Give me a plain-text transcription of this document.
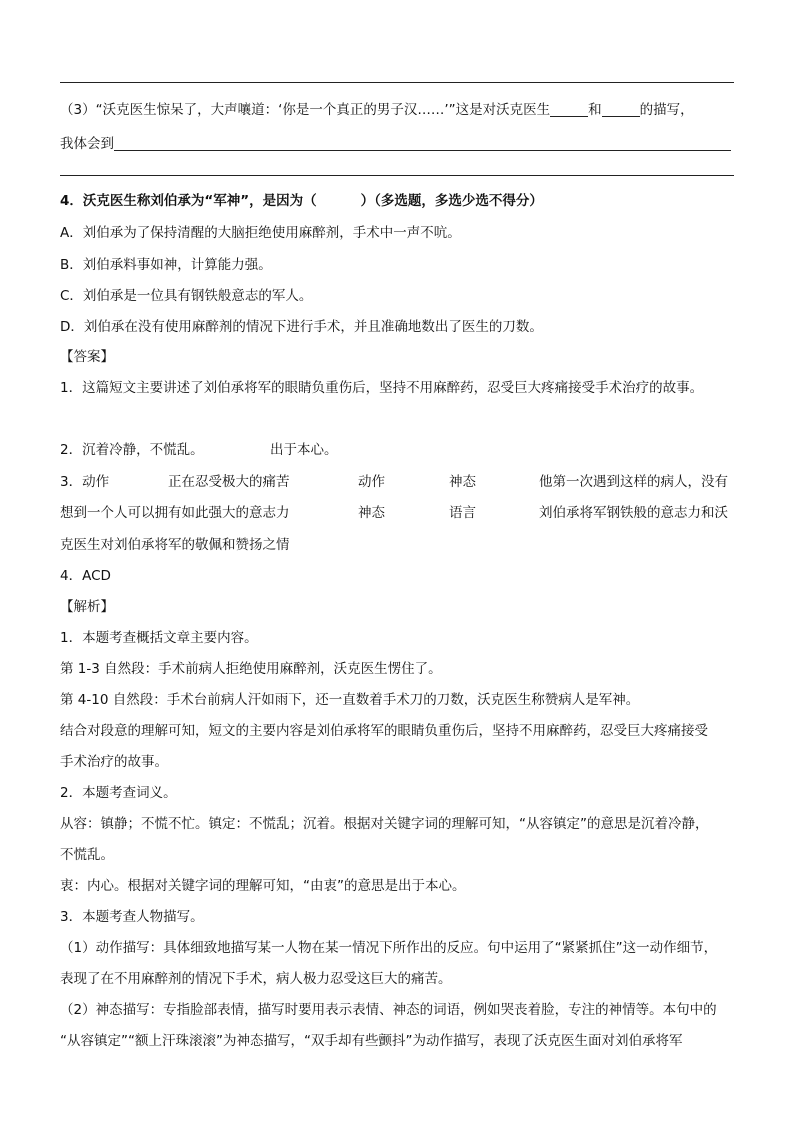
（3）“沃克医生惊呆了，大声嚷道：‘你是一个真正的男子汉……’”这是对沃克医生	和	的描写，
我体会到
4．沃克医生称刘伯承为“军神”，是因为（	）（多选题，多选少选不得分）
A．刘伯承为了保持清醒的大脑拒绝使用麻醉剂，手术中一声不吭。
B．刘伯承料事如神，计算能力强。
C．刘伯承是一位具有钢铁般意志的军人。
D．刘伯承在没有使用麻醉剂的情况下进行手术，并且准确地数出了医生的刀数。
【答案】
1．这篇短文主要讲述了刘伯承将军的眼睛负重伤后，坚持不用麻醉药，忍受巨大疼痛接受手术治疗的故事。
2．沉着冷静，不慌乱。	出于本心。
3．动作	正在忍受极大的痛苦	动作	神态	他第一次遇到这样的病人，没有
想到一个人可以拥有如此强大的意志力	神态	语言	刘伯承将军钢铁般的意志力和沃
克医生对刘伯承将军的敬佩和赞扬之情
4．ACD
【解析】
1．本题考查概括文章主要内容。
第 1-3 自然段：手术前病人拒绝使用麻醉剂，沃克医生愣住了。
第 4-10 自然段：手术台前病人汗如雨下，还一直数着手术刀的刀数，沃克医生称赞病人是军神。
结合对段意的理解可知，短文的主要内容是刘伯承将军的眼睛负重伤后，坚持不用麻醉药，忍受巨大疼痛接受
手术治疗的故事。
2．本题考查词义。
从容：镇静；不慌不忙。镇定：不慌乱；沉着。根据对关键字词的理解可知，“从容镇定”的意思是沉着冷静，
不慌乱。
衷：内心。根据对关键字词的理解可知，“由衷”的意思是出于本心。
3．本题考查人物描写。
（1）动作描写：具体细致地描写某一人物在某一情况下所作出的反应。句中运用了“紧紧抓住”这一动作细节，
表现了在不用麻醉剂的情况下手术，病人极力忍受这巨大的痛苦。
（2）神态描写：专指脸部表情，描写时要用表示表情、神态的词语，例如哭丧着脸，专注的神情等。本句中的
“从容镇定”“额上汗珠滚滚”为神态描写，“双手却有些颤抖”为动作描写，表现了沃克医生面对刘伯承将军
